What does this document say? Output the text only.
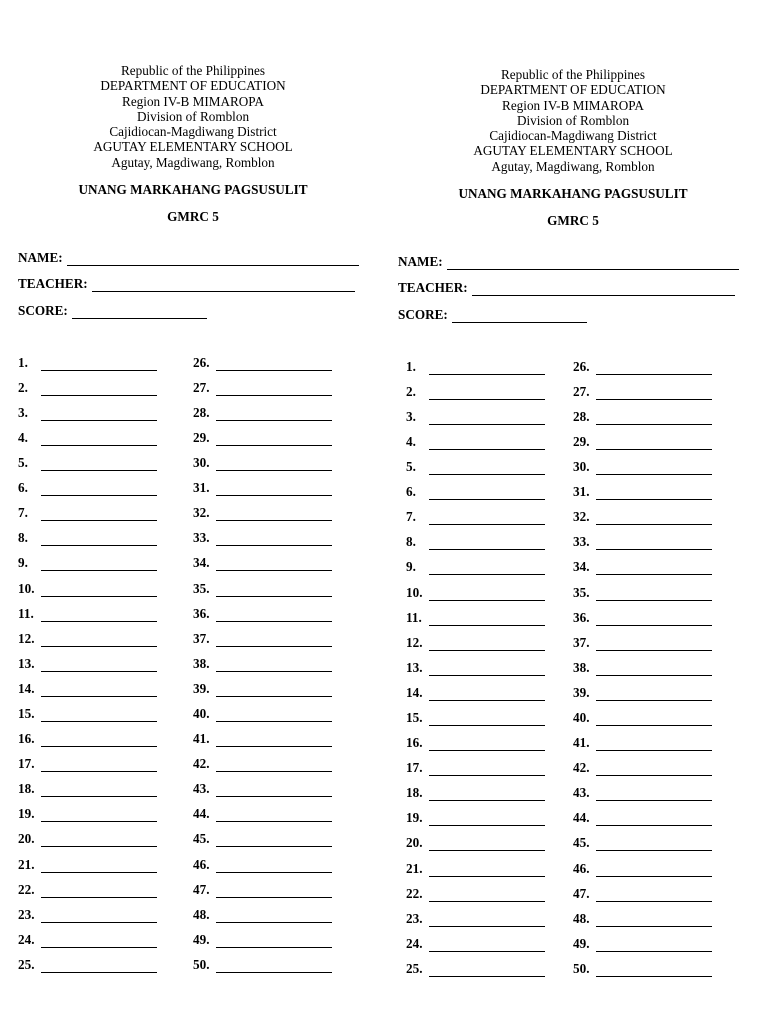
Republic of the Philippines
DEPARTMENT OF EDUCATION
Region IV-B MIMAROPA
Division of Romblon
Cajidiocan-Magdiwang District
AGUTAY ELEMENTARY SCHOOL
Agutay, Magdiwang, Romblon
UNANG MARKAHANG PAGSUSULIT
GMRC 5
NAME:
TEACHER:
SCORE:
1.
2.
3.
4.
5.
6.
7.
8.
9.
10.
11.
12.
13.
14.
15.
16.
17.
18.
19.
20.
21.
22.
23.
24.
25.
26.
27.
28.
29.
30.
31.
32.
33.
34.
35.
36.
37.
38.
39.
40.
41.
42.
43.
44.
45.
46.
47.
48.
49.
50.
Republic of the Philippines
DEPARTMENT OF EDUCATION
Region IV-B MIMAROPA
Division of Romblon
Cajidiocan-Magdiwang District
AGUTAY ELEMENTARY SCHOOL
Agutay, Magdiwang, Romblon
UNANG MARKAHANG PAGSUSULIT
GMRC 5
NAME:
TEACHER:
SCORE:
1.
2.
3.
4.
5.
6.
7.
8.
9.
10.
11.
12.
13.
14.
15.
16.
17.
18.
19.
20.
21.
22.
23.
24.
25.
26.
27.
28.
29.
30.
31.
32.
33.
34.
35.
36.
37.
38.
39.
40.
41.
42.
43.
44.
45.
46.
47.
48.
49.
50.
